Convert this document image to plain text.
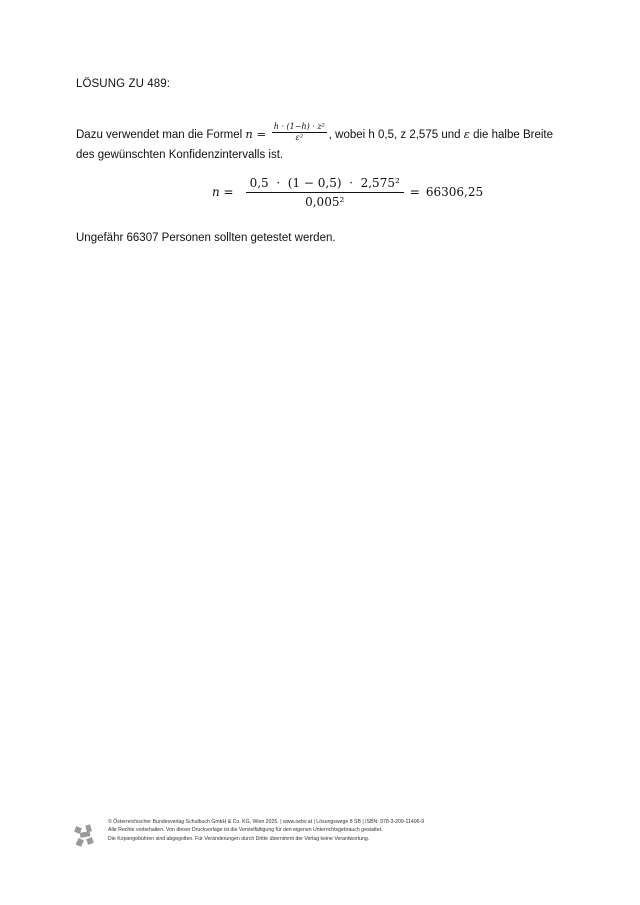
LÖSUNG ZU 489:
Dazu verwendet man die Formel $n = \frac{\text{h · (1−h) · z²}}{\text{ε²}}$ , wobei h 0,5, z 2,575 und ε die halbe Breite des gewünschten Konfidenzintervalls ist.
$n = \frac{\text{0,5  ·  (1 − 0,5)  ·  2,575²}}{\text{0,005²}} = 66306,25$
Ungefähr 66307 Personen sollten getestet werden.
© Österreichischer Bundesverlag Schulbuch GmbH & Co. KG, Wien 2025. | www.oebv.at | Lösungswege 8 SB | ISBN: 978-3-209-11496-9
Alle Rechte vorbehalten. Von dieser Druckvorlage ist die Vervielfältigung für den eigenen Unterrichtsgebrauch gestattet.
Die Kopiergebühren sind abgegolten. Für Veränderungen durch Dritte übernimmt der Verlag keine Verantwortung.
